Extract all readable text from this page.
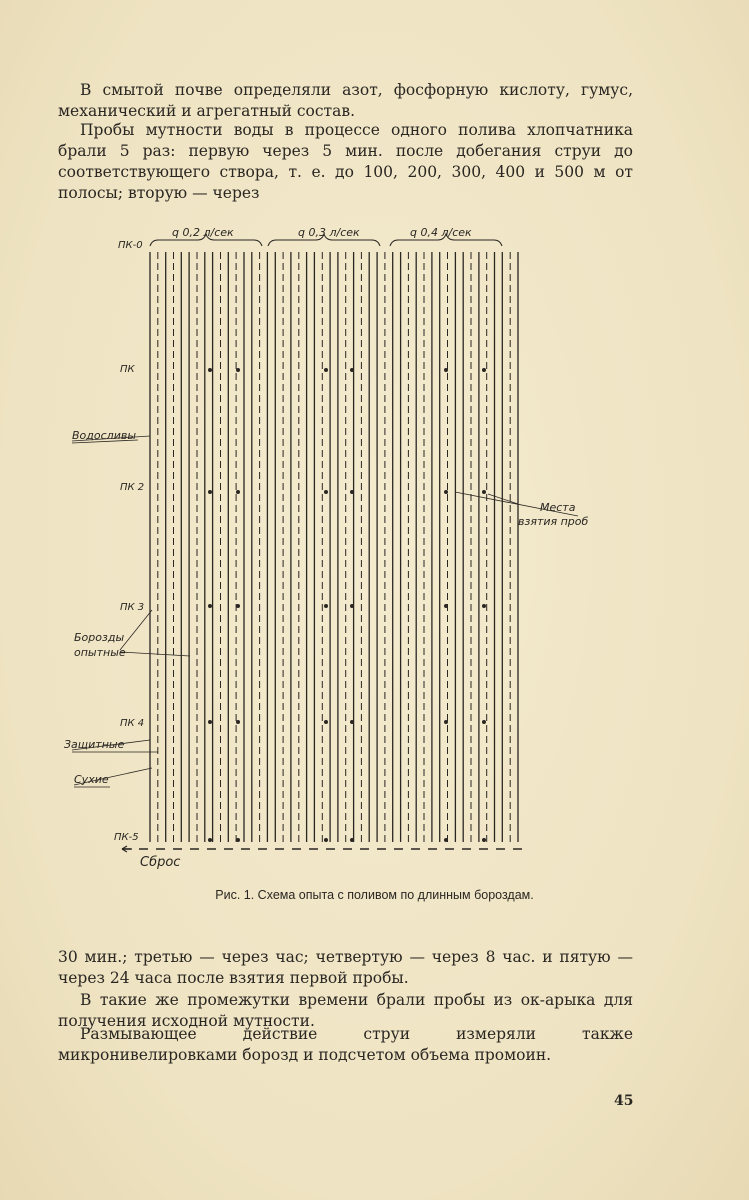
В смытой почве определяли азот, фосфорную кислоту, гумус, механический и агрегатный состав.

Пробы мутности воды в процессе одного полива хлопчатника брали 5 раз: первую через 5 мин. после добегания струи до соответствующего створа, т. е. до 100, 200, 300, 400 и 500 м от полосы; вторую — через

q 0,2 л/сек	q 0,3 л/сек	q 0,4 л/сек
ПК-0
ПК
ПК 2
ПК 3
ПК 4
ПК-5
Водосливы
Места
взятия проб
Борозды
опытные
Защитные
Сухие
Сброс
Рис. 1. Схема опыта с поливом по длинным бороздам.

30 мин.; третью — через час; четвертую — через 8 час. и пятую — через 24 часа после взятия первой пробы.

В такие же промежутки времени брали пробы из ок-арыка для получения исходной мутности.

Размывающее действие струи измеряли также микронивелировками борозд и подсчетом объема промоин.

45
